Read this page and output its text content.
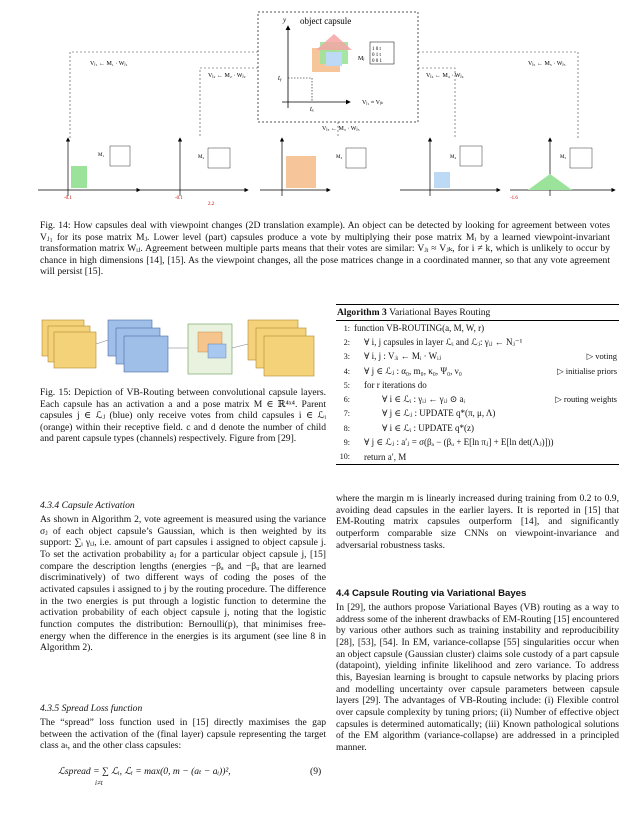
object capsule
tᵧ
tₓ
y
Mⱼ
1 0 t
0 1 t
0 0 1
Vⱼ₁ ≈ Vⱼₖ
Vⱼ₁ ← M₁ · Wⱼ₁
Vⱼ₂ ← M₂ · Wⱼ₂	Vⱼ₄ ← M₄ · Wⱼ₄
Vⱼ₅ ← M₅ · Wⱼ₅
Vⱼ₃ ← M₃ · Wⱼ₃
M₁
-0.1
M₂
2.2
-0.1
M₃	M₄	M₅
-1.6
Fig. 14: How capsules deal with viewpoint changes (2D translation example). An object can be detected by looking for agreement between votes Vⱼ₁ for its pose matrix Mⱼ. Lower level (part) capsules produce a vote by multiplying their pose matrix Mᵢ by a learned viewpoint-invariant transformation matrix Wᵢⱼ. Agreement between multiple parts means that their votes are similar: Vⱼᵢ ≈ Vⱼₖ, for i ≠ k, which is unlikely to occur by chance in high dimensions [14], [15]. As the viewpoint changes, all the pose matrices change in a coordinated manner, so that any vote agreement will persist [15].
Fig. 15: Depiction of VB-Routing between convolutional capsule layers. Each capsule has an activation a and a pose matrix M ∈ ℝ⁴ˣ⁴. Parent capsules j ∈ ℒⱼ (blue) only receive votes from child capsules i ∈ ℒᵢ (orange) within their receptive field. c and d denote the number of child and parent capsule types (channels) respectively. Figure from [29].
Algorithm 3 Variational Bayes Routing
1: function VB-ROUTING(a, M, W, r)
2:	∀ i, j capsules in layer ℒᵢ and ℒⱼ: γᵢⱼ ← Nⱼ⁻¹
3:	∀ i, j : Vⱼᵢ ← Mᵢ · Wᵢⱼ	▷ voting
4:	∀ j ∈ ℒⱼ : α₀, m₀, κ₀, Ψ₀, ν₀	▷ initialise priors
5:	for r iterations do
6:	∀ i ∈ ℒᵢ : γᵢⱼ ← γᵢⱼ ⊙ aᵢ	▷ routing weights
7:	∀ j ∈ ℒⱼ : UPDATE q*(π, μ, Λ)
8:	∀ i ∈ ℒᵢ : UPDATE q*(z)
9:	∀ j ∈ ℒⱼ : a′ⱼ = σ(βₐ − (βᵤ + E[ln πⱼ] + E[ln det(Λⱼ)]))
10:	return a′, M
4.3.4 Capsule Activation
As shown in Algorithm 2, vote agreement is measured using the variance σⱼ of each object capsule’s Gaussian, which is then weighted by its support: ∑ᵢ γᵢⱼ, i.e. amount of part capsules i assigned to object capsule j. To set the activation probability aⱼ for a particular object capsule j, [15] compare the description lengths (energies −βₐ and −βᵤ that are learned discriminatively) of two different ways of coding the poses of the activated capsules i assigned to j by the routing procedure. The difference in the two energies is put through a logistic function to determine the activation probability of each object capsule j, noting that the logistic function computes the distribution: Bernoulli(p), that minimises free-energy when the difference in the energies is its argument (see line 8 in Algorithm 2).
4.3.5 Spread Loss function
The “spread” loss function used in [15] directly maximises the gap between the activation of the (final layer) capsule representing the target class aₜ, and the other class capsules:
ℒspread = ∑ ℒᵢ, ℒᵢ = max(0, m − (aₜ − aᵢ))²,
i≠t
(9)
where the margin m is linearly increased during training from 0.2 to 0.9, avoiding dead capsules in the earlier layers. It is reported in [15] that EM-Routing matrix capsules outperform [14], and significantly outperform comparable size CNNs on viewpoint-invariance and adversarial robustness tasks.
4.4 Capsule Routing via Variational Bayes
In [29], the authors propose Variational Bayes (VB) routing as a way to address some of the inherent drawbacks of EM-Routing [15] encountered by various other authors such as training instability and reproducibility [28], [53], [54]. In EM, variance-collapse [55] singularities occur when an object capsule (Gaussian cluster) claims sole custody of a part capsule (datapoint), yielding infinite likelihood and zero variance. To address this, Bayesian learning is brought to capsule networks by placing priors and modelling uncertainty over capsule parameters between capsule layers [29]. The advantages of VB-Routing include: (i) Flexible control over capsule complexity by tuning priors; (ii) Number of effective object capsules is determined automatically; (iii) Known pathological solutions of the EM algorithm (variance-collapse) are addressed in a principled manner.
